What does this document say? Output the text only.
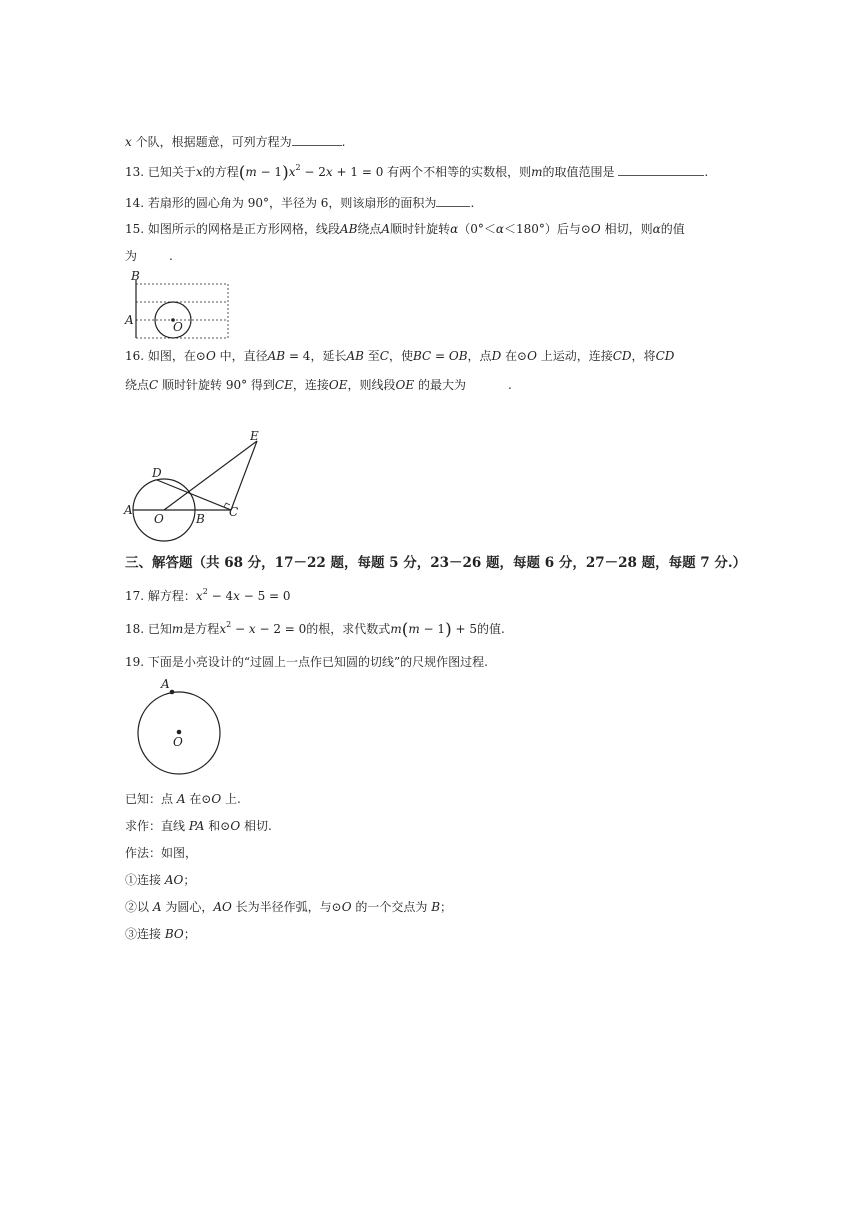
x 个队，根据题意，可列方程为	.
13. 已知关于x的方程$(m - 1)x^2 - 2x + 1 = 0$ 有两个不相等的实数根，则m的取值范围是	.
14. 若扇形的圆心角为 90°，半径为 6，则该扇形的面积为	.
15. 如图所示的网格是正方形网格，线段AB绕点A顺时针旋转α（0°＜α＜180°）后与⊙O 相切，则α的值
为	.
B
A	O
16. 如图，在⊙O 中，直径AB = 4，延长AB 至C，使BC = OB，点D 在⊙O 上运动，连接CD，将CD
绕点C 顺时针旋转 90° 得到CE，连接OE，则线段OE 的最大为	.
E
D
A
O	B C
三、解答题（共 68 分，17－22 题，每题 5 分，23－26 题，每题 6 分，27－28 题，每题 7 分.）
17. 解方程：$x^2 - 4x - 5 = 0$
18. 已知m是方程$x^2 - x - 2 = 0$的根，求代数式m(m − 1) + 5的值.
19. 下面是小亮设计的“过圆上一点作已知圆的切线”的尺规作图过程.
A
O
已知：点 A 在⊙O 上.
求作：直线 PA 和⊙O 相切.
作法：如图，
①连接 AO；
②以 A 为圆心，AO 长为半径作弧，与⊙O 的一个交点为 B；
③连接 BO；
